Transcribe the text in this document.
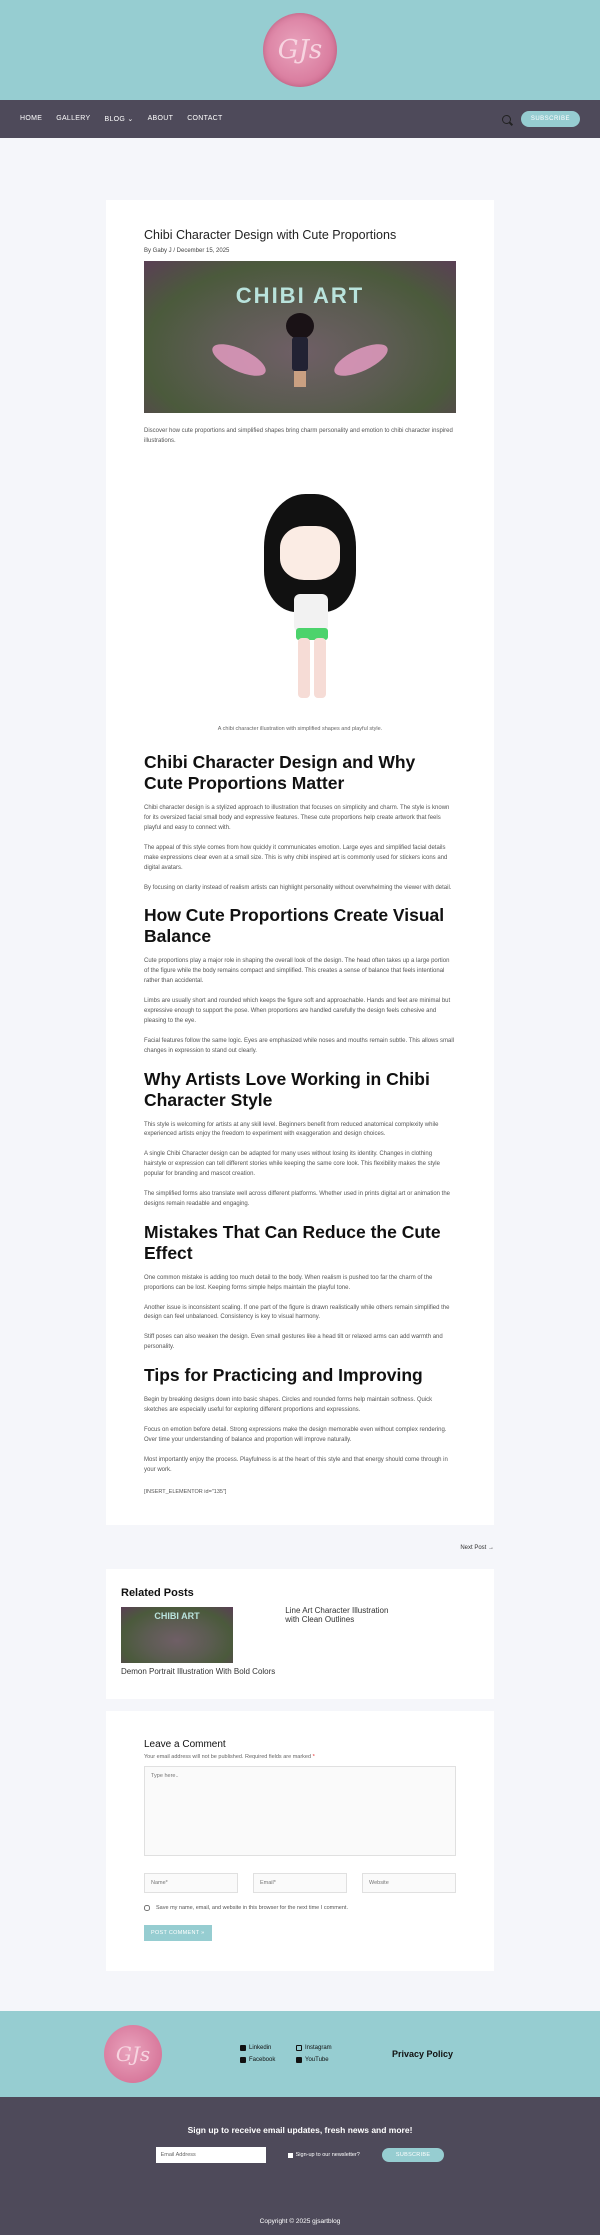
GJs
HOME GALLERY BLOG ⌄ ABOUT CONTACT	SUBSCRIBE
Chibi Character Design with Cute Proportions
By Gaby J / December 15, 2025
CHIBI ART

Discover how cute proportions and simplified shapes bring charm personality and emotion to chibi character inspired illustrations.

A chibi character illustration with simplified shapes and playful style.

Chibi Character Design and Why Cute Proportions Matter

Chibi character design is a stylized approach to illustration that focuses on simplicity and charm. The style is known for its oversized facial small body and expressive features. These cute proportions help create artwork that feels playful and easy to connect with.

The appeal of this style comes from how quickly it communicates emotion. Large eyes and simplified facial details make expressions clear even at a small size. This is why chibi inspired art is commonly used for stickers icons and digital avatars.

By focusing on clarity instead of realism artists can highlight personality without overwhelming the viewer with detail.

How Cute Proportions Create Visual Balance

Cute proportions play a major role in shaping the overall look of the design. The head often takes up a large portion of the figure while the body remains compact and simplified. This creates a sense of balance that feels intentional rather than accidental.

Limbs are usually short and rounded which keeps the figure soft and approachable. Hands and feet are minimal but expressive enough to support the pose. When proportions are handled carefully the design feels cohesive and pleasing to the eye.

Facial features follow the same logic. Eyes are emphasized while noses and mouths remain subtle. This allows small changes in expression to stand out clearly.

Why Artists Love Working in Chibi Character Style

This style is welcoming for artists at any skill level. Beginners benefit from reduced anatomical complexity while experienced artists enjoy the freedom to experiment with exaggeration and design choices.

A single Chibi Character design can be adapted for many uses without losing its identity. Changes in clothing hairstyle or expression can tell different stories while keeping the same core look. This flexibility makes the style popular for branding and mascot creation.

The simplified forms also translate well across different platforms. Whether used in prints digital art or animation the designs remain readable and engaging.

Mistakes That Can Reduce the Cute Effect

One common mistake is adding too much detail to the body. When realism is pushed too far the charm of the proportions can be lost. Keeping forms simple helps maintain the playful tone.

Another issue is inconsistent scaling. If one part of the figure is drawn realistically while others remain simplified the design can feel unbalanced. Consistency is key to visual harmony.

Stiff poses can also weaken the design. Even small gestures like a head tilt or relaxed arms can add warmth and personality.

Tips for Practicing and Improving

Begin by breaking designs down into basic shapes. Circles and rounded forms help maintain softness. Quick sketches are especially useful for exploring different proportions and expressions.

Focus on emotion before detail. Strong expressions make the design memorable even without complex rendering. Over time your understanding of balance and proportion will improve naturally.

Most importantly enjoy the process. Playfulness is at the heart of this style and that energy should come through in your work.

[INSERT_ELEMENTOR id="135"]

Next Post →
Related Posts
CHIBI ART
Demon Portrait Illustration With Bold Colors
Line Art Character Illustration with Clean Outlines
Leave a Comment

Your email address will not be published. Required fields are marked *

Type here..
Name*
Email*
Website
Save my name, email, and website in this browser for the next time I comment.
POST COMMENT »
GJs	Linkedin	Instagram
Facebook	YouTube
Privacy Policy
Sign up to receive email updates, fresh news and more!
Email Address	Sign-up to our newsletter?	SUBSCRIBE
Copyright © 2025 gjsartblog
